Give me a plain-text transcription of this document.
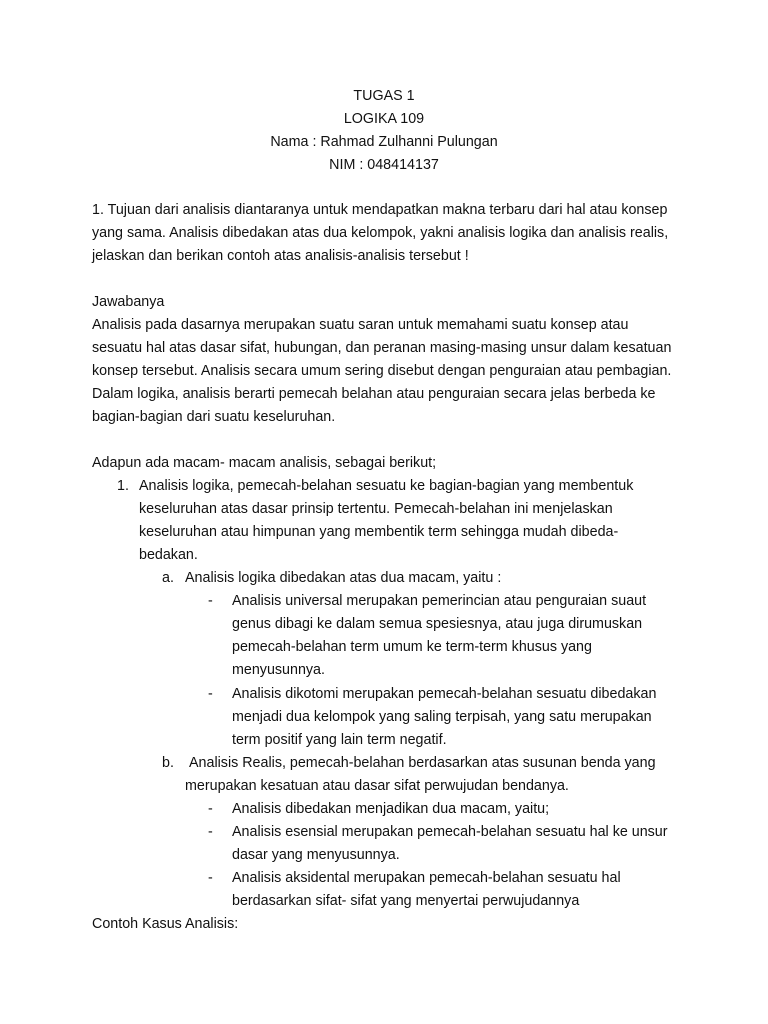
TUGAS 1
LOGIKA 109
Nama : Rahmad Zulhanni Pulungan
NIM : 048414137
1. Tujuan dari analisis diantaranya untuk mendapatkan makna terbaru dari hal atau konsep
yang sama. Analisis dibedakan atas dua kelompok, yakni analisis logika dan analisis realis,
jelaskan dan berikan contoh atas analisis-analisis tersebut !
Jawabanya
Analisis pada dasarnya merupakan suatu saran untuk memahami suatu konsep atau
sesuatu hal atas dasar sifat, hubungan, dan peranan masing-masing unsur dalam kesatuan
konsep tersebut. Analisis secara umum sering disebut dengan penguraian atau pembagian.
Dalam logika, analisis berarti pemecah belahan atau penguraian secara jelas berbeda ke
bagian-bagian dari suatu keseluruhan.
Adapun ada macam- macam analisis, sebagai berikut;
1. Analisis logika, pemecah-belahan sesuatu ke bagian-bagian yang membentuk
keseluruhan atas dasar prinsip tertentu. Pemecah-belahan ini menjelaskan
keseluruhan atau himpunan yang membentik term sehingga mudah dibeda-
bedakan.
a. Analisis logika dibedakan atas dua macam, yaitu :
- Analisis universal merupakan pemerincian atau penguraian suaut
genus dibagi ke dalam semua spesiesnya, atau juga dirumuskan
pemecah-belahan term umum ke term-term khusus yang
menyusunnya.
- Analisis dikotomi merupakan pemecah-belahan sesuatu dibedakan
menjadi dua kelompok yang saling terpisah, yang satu merupakan
term positif yang lain term negatif.
b. Analisis Realis, pemecah-belahan berdasarkan atas susunan benda yang
merupakan kesatuan atau dasar sifat perwujudan bendanya.
- Analisis dibedakan menjadikan dua macam, yaitu;
- Analisis esensial merupakan pemecah-belahan sesuatu hal ke unsur
dasar yang menyusunnya.
- Analisis aksidental merupakan pemecah-belahan sesuatu hal
berdasarkan sifat- sifat yang menyertai perwujudannya
Contoh Kasus Analisis:
